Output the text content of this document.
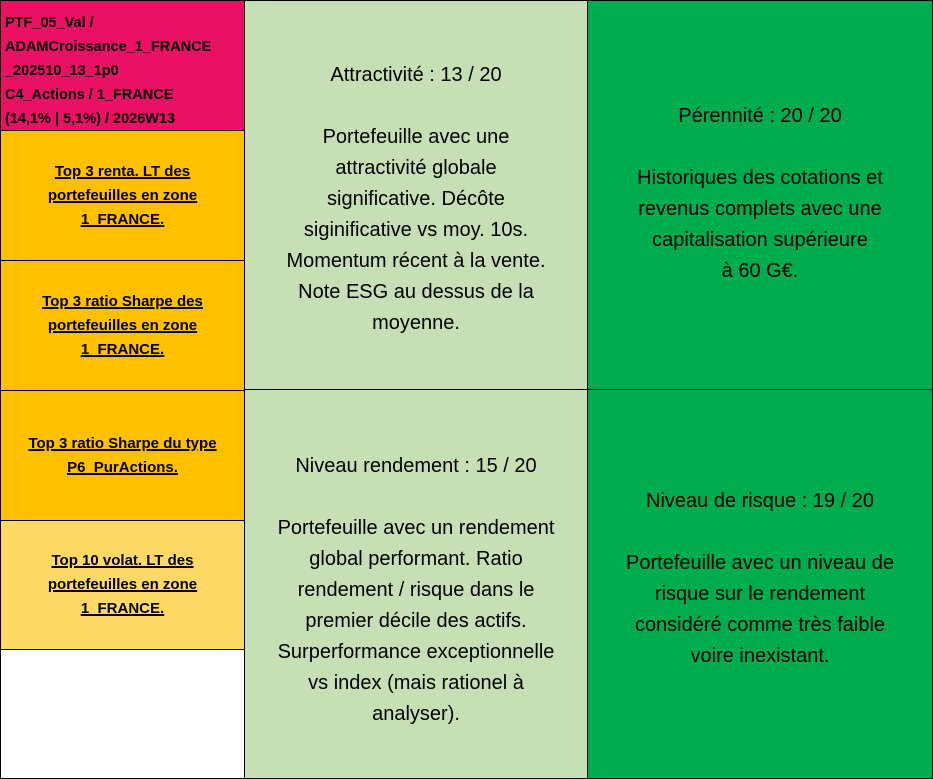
PTF_05_Val /
ADAMCroissance_1_FRANCE
_202510_13_1p0
C4_Actions / 1_FRANCE
(14,1% | 5,1%) / 2026W13
Top 3 renta. LT des
portefeuilles en zone
1_FRANCE.
Top 3 ratio Sharpe des
portefeuilles en zone
1_FRANCE.
Top 3 ratio Sharpe du type
P6_PurActions.
Top 10 volat. LT des
portefeuilles en zone
1_FRANCE.
Attractivité : 13 / 20
Portefeuille avec une
attractivité globale
significative. Décôte
siginificative vs moy. 10s.
Momentum récent à la vente.
Note ESG au dessus de la
moyenne.
Pérennité : 20 / 20
Historiques des cotations et
revenus complets avec une
capitalisation supérieure
à 60 G€.
Niveau rendement : 15 / 20
Portefeuille avec un rendement
global performant. Ratio
rendement / risque dans le
premier décile des actifs.
Surperformance exceptionnelle
vs index (mais rationel à
analyser).
Niveau de risque : 19 / 20
Portefeuille avec un niveau de
risque sur le rendement
considéré comme très faible
voire inexistant.
